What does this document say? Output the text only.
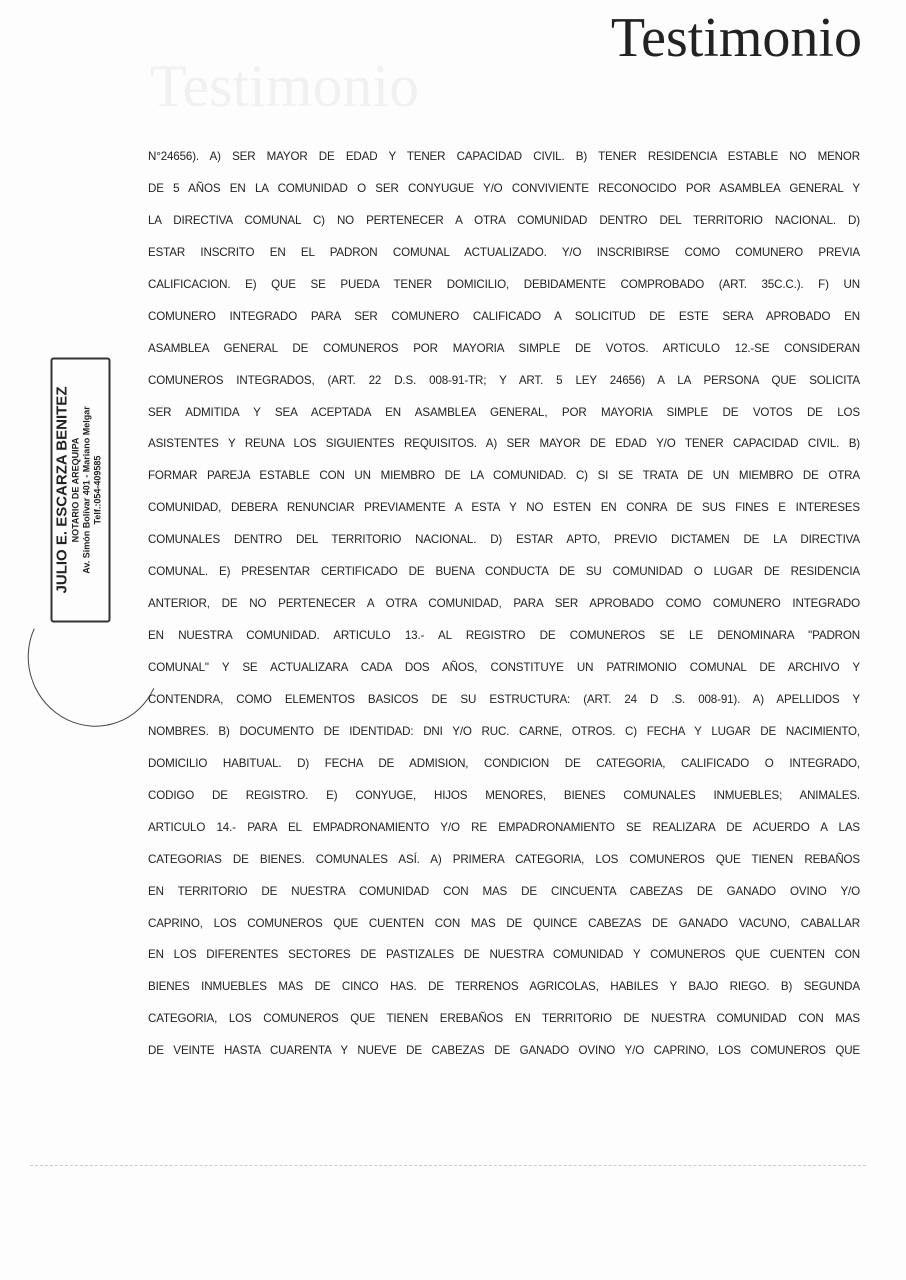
Testimonio
Testimonio
JULIO E. ESCARZA BENITEZ NOTARIO DE AREQUIPA Av. Simón Bolívar 401 - Mariano Melgar Telf.:054-409585
N°24656). A) SER MAYOR DE EDAD Y TENER CAPACIDAD CIVIL. B) TENER RESIDENCIA ESTABLE NO MENOR
DE 5 AÑOS EN LA COMUNIDAD O SER CONYUGUE Y/O CONVIVIENTE RECONOCIDO POR ASAMBLEA GENERAL Y
LA DIRECTIVA COMUNAL C) NO PERTENECER A OTRA COMUNIDAD DENTRO DEL TERRITORIO NACIONAL. D)
ESTAR INSCRITO EN EL PADRON COMUNAL ACTUALIZADO. Y/O INSCRIBIRSE COMO COMUNERO PREVIA
CALIFICACION. E) QUE SE PUEDA TENER DOMICILIO, DEBIDAMENTE COMPROBADO (ART. 35C.C.). F) UN
COMUNERO INTEGRADO PARA SER COMUNERO CALIFICADO A SOLICITUD DE ESTE SERA APROBADO EN
ASAMBLEA GENERAL DE COMUNEROS POR MAYORIA SIMPLE DE VOTOS. ARTICULO 12.-SE CONSIDERAN
COMUNEROS INTEGRADOS, (ART. 22 D.S. 008-91-TR; Y ART. 5 LEY 24656) A LA PERSONA QUE SOLICITA
SER ADMITIDA Y SEA ACEPTADA EN ASAMBLEA GENERAL, POR MAYORIA SIMPLE DE VOTOS DE LOS
ASISTENTES Y REUNA LOS SIGUIENTES REQUISITOS. A) SER MAYOR DE EDAD Y/O TENER CAPACIDAD CIVIL. B)
FORMAR PAREJA ESTABLE CON UN MIEMBRO DE LA COMUNIDAD. C) SI SE TRATA DE UN MIEMBRO DE OTRA
COMUNIDAD, DEBERA RENUNCIAR PREVIAMENTE A ESTA Y NO ESTEN EN CONRA DE SUS FINES E INTERESES
COMUNALES DENTRO DEL TERRITORIO NACIONAL. D) ESTAR APTO, PREVIO DICTAMEN DE LA DIRECTIVA
COMUNAL. E) PRESENTAR CERTIFICADO DE BUENA CONDUCTA DE SU COMUNIDAD O LUGAR DE RESIDENCIA
ANTERIOR, DE NO PERTENECER A OTRA COMUNIDAD, PARA SER APROBADO COMO COMUNERO INTEGRADO
EN NUESTRA COMUNIDAD. ARTICULO 13.- AL REGISTRO DE COMUNEROS SE LE DENOMINARA "PADRON
COMUNAL" Y SE ACTUALIZARA CADA DOS AÑOS, CONSTITUYE UN PATRIMONIO COMUNAL DE ARCHIVO Y
CONTENDRA, COMO ELEMENTOS BASICOS DE SU ESTRUCTURA: (ART. 24 D .S. 008-91). A) APELLIDOS Y
NOMBRES. B) DOCUMENTO DE IDENTIDAD: DNI Y/O RUC. CARNE, OTROS. C) FECHA Y LUGAR DE NACIMIENTO,
DOMICILIO HABITUAL. D) FECHA DE ADMISION, CONDICION DE CATEGORIA, CALIFICADO O INTEGRADO,
CODIGO DE REGISTRO. E) CONYUGE, HIJOS MENORES, BIENES COMUNALES INMUEBLES; ANIMALES.
ARTICULO 14.- PARA EL EMPADRONAMIENTO Y/O RE EMPADRONAMIENTO SE REALIZARA DE ACUERDO A LAS
CATEGORIAS DE BIENES. COMUNALES ASÍ. A) PRIMERA CATEGORIA, LOS COMUNEROS QUE TIENEN REBAÑOS
EN TERRITORIO DE NUESTRA COMUNIDAD CON MAS DE CINCUENTA CABEZAS DE GANADO OVINO Y/O
CAPRINO, LOS COMUNEROS QUE CUENTEN CON MAS DE QUINCE CABEZAS DE GANADO VACUNO, CABALLAR
EN LOS DIFERENTES SECTORES DE PASTIZALES DE NUESTRA COMUNIDAD Y COMUNEROS QUE CUENTEN CON
BIENES INMUEBLES MAS DE CINCO HAS. DE TERRENOS AGRICOLAS, HABILES Y BAJO RIEGO. B) SEGUNDA
CATEGORIA, LOS COMUNEROS QUE TIENEN EREBAÑOS EN TERRITORIO DE NUESTRA COMUNIDAD CON MAS
DE VEINTE HASTA CUARENTA Y NUEVE DE CABEZAS DE GANADO OVINO Y/O CAPRINO, LOS COMUNEROS QUE
